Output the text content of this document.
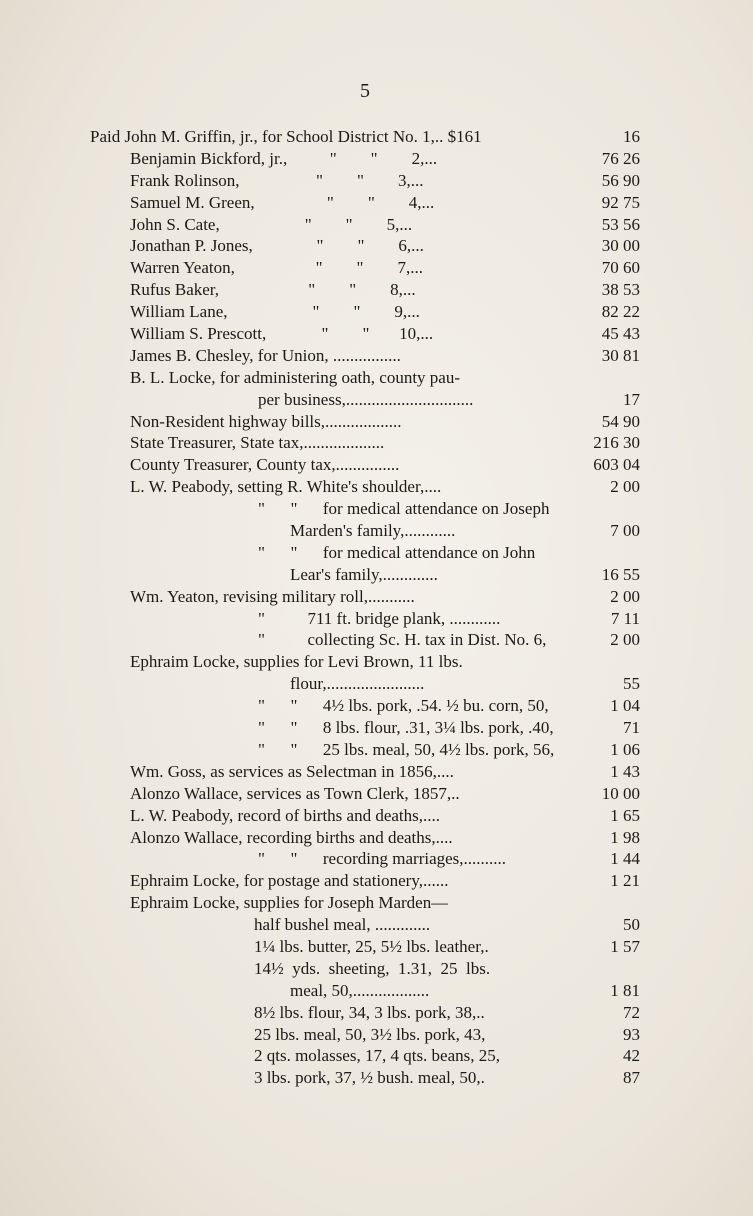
5
Paid John M. Griffin, jr., for School District No. 1,.. $161	16
Benjamin Bickford, jr.,          "        "        2,...	76 26
Frank Rolinson,                  "        "        3,...	56 90
Samuel M. Green,                 "        "        4,...	92 75
John S. Cate,                    "        "        5,...	53 56
Jonathan P. Jones,               "        "        6,...	30 00
Warren Yeaton,                   "        "        7,...	70 60
Rufus Baker,                     "        "        8,...	38 53
William Lane,                    "        "        9,...	82 22
William S. Prescott,             "        "       10,...	45 43
James B. Chesley, for Union, ................	30 81
B. L. Locke, for administering oath, county pau-
per business,..............................	17
Non-Resident highway bills,..................	54 90
State Treasurer, State tax,...................	216 30
County Treasurer, County tax,...............	603 04
L. W. Peabody, setting R. White's shoulder,....	2 00
"      "      for medical attendance on Joseph
Marden's family,............	7 00
"      "      for medical attendance on John
Lear's family,.............	16 55
Wm. Yeaton, revising military roll,...........	2 00
"          711 ft. bridge plank, ............	7 11
"          collecting Sc. H. tax in Dist. No. 6,	2 00
Ephraim Locke, supplies for Levi Brown, 11 lbs.
flour,.......................	55
"      "      4½ lbs. pork, .54. ½ bu. corn, 50,	1 04
"      "      8 lbs. flour, .31, 3¼ lbs. pork, .40,	71
"      "      25 lbs. meal, 50, 4½ lbs. pork, 56,	1 06
Wm. Goss, as services as Selectman in 1856,....	1 43
Alonzo Wallace, services as Town Clerk, 1857,..	10 00
L. W. Peabody, record of births and deaths,....	1 65
Alonzo Wallace, recording births and deaths,....	1 98
"      "      recording marriages,..........	1 44
Ephraim Locke, for postage and stationery,......	1 21
Ephraim Locke, supplies for Joseph Marden—
half bushel meal, .............	50
1¼ lbs. butter, 25, 5½ lbs. leather,.	1 57
14½  yds.  sheeting,  1.31,  25  lbs.
meal, 50,..................	1 81
8½ lbs. flour, 34, 3 lbs. pork, 38,..	72
25 lbs. meal, 50, 3½ lbs. pork, 43,	93
2 qts. molasses, 17, 4 qts. beans, 25,	42
3 lbs. pork, 37, ½ bush. meal, 50,.	87
